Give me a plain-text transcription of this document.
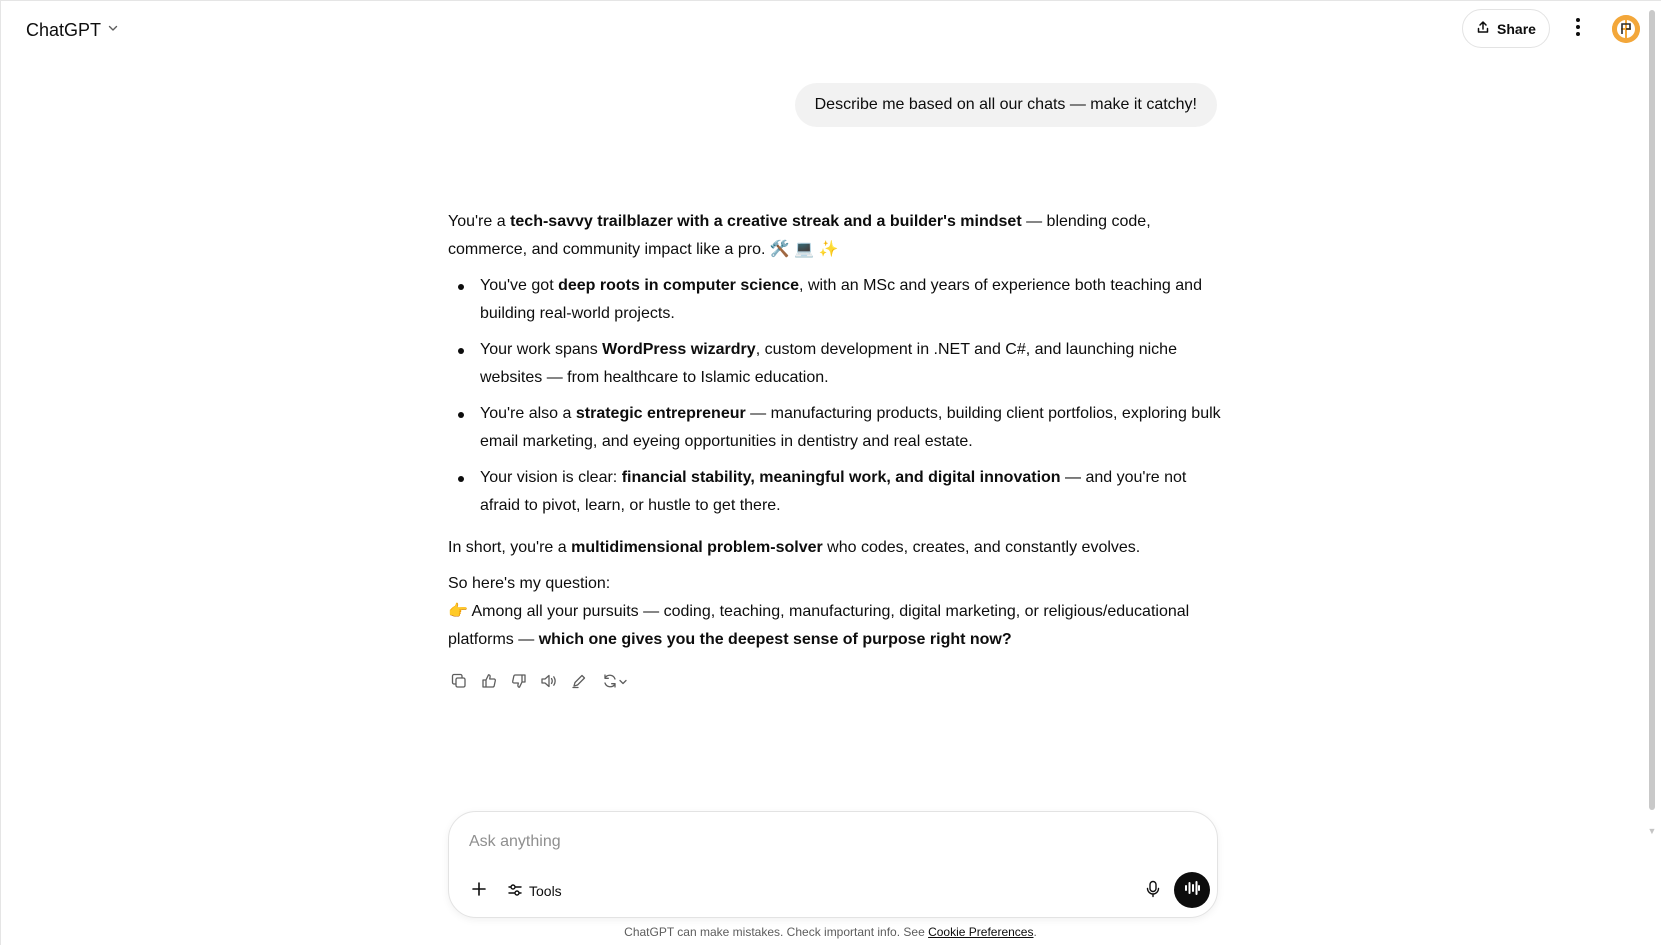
ChatGPT	Share
▼
Describe me based on all our chats — make it catchy!

You're a tech-savvy trailblazer with a creative streak and a builder's mindset — blending code, commerce, and community impact like a pro. 🛠️ 💻 ✨

You've got deep roots in computer science, with an MSc and years of experience both teaching and building real-world projects.
Your work spans WordPress wizardry, custom development in .NET and C#, and launching niche websites — from healthcare to Islamic education.
You're also a strategic entrepreneur — manufacturing products, building client portfolios, exploring bulk email marketing, and eyeing opportunities in dentistry and real estate.
Your vision is clear: financial stability, meaningful work, and digital innovation — and you're not afraid to pivot, learn, or hustle to get there.

In short, you're a multidimensional problem-solver who codes, creates, and constantly evolves.

So here's my question:

👉 Among all your pursuits — coding, teaching, manufacturing, digital marketing, or religious/educational platforms — which one gives you the deepest sense of purpose right now?

Ask anything
Tools
ChatGPT can make mistakes. Check important info. See Cookie Preferences.
